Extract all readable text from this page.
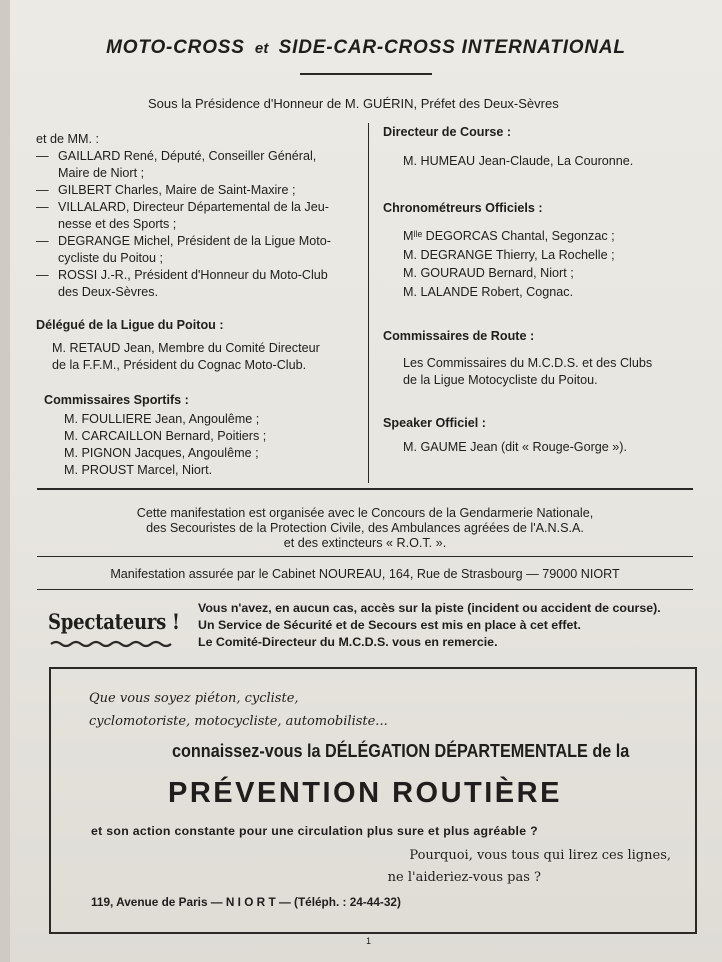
MOTO-CROSS et SIDE-CAR-CROSS INTERNATIONAL
Sous la Présidence d'Honneur de M. GUÉRIN, Préfet des Deux-Sèvres
et de MM. :
— GAILLARD René, Député, Conseiller Général,
Maire de Niort ;
— GILBERT Charles, Maire de Saint-Maxire ;
— VILLALARD, Directeur Départemental de la Jeu-
nesse et des Sports ;
— DEGRANGE Michel, Président de la Ligue Moto-
cycliste du Poitou ;
— ROSSI J.-R., Président d'Honneur du Moto-Club
des Deux-Sèvres.
Délégué de la Ligue du Poitou :
M. RETAUD Jean, Membre du Comité Directeur
de la F.F.M., Président du Cognac Moto-Club.
Commissaires Sportifs :
M. FOULLIERE Jean, Angoulême ;
M. CARCAILLON Bernard, Poitiers ;
M. PIGNON Jacques, Angoulême ;
M. PROUST Marcel, Niort.
Directeur de Course :
M. HUMEAU Jean-Claude, La Couronne.
Chronométreurs Officiels :
Mˡˡᵉ DEGORCAS Chantal, Segonzac ;
M. DEGRANGE Thierry, La Rochelle ;
M. GOURAUD Bernard, Niort ;
M. LALANDE Robert, Cognac.
Commissaires de Route :
Les Commissaires du M.C.D.S. et des Clubs
de la Ligue Motocycliste du Poitou.
Speaker Officiel :
M. GAUME Jean (dit « Rouge-Gorge »).
Cette manifestation est organisée avec le Concours de la Gendarmerie Nationale,
des Secouristes de la Protection Civile, des Ambulances agréées de l'A.N.S.A.
et des extincteurs « R.O.T. ».
Manifestation assurée par le Cabinet NOUREAU, 164, Rue de Strasbourg — 79000 NIORT
Spectateurs !
Vous n'avez, en aucun cas, accès sur la piste (incident ou accident de course).
Un Service de Sécurité et de Secours est mis en place à cet effet.
Le Comité-Directeur du M.C.D.S. vous en remercie.
Que vous soyez piéton, cycliste,
cyclomotoriste, motocycliste, automobiliste...
connaissez-vous la DÉLÉGATION DÉPARTEMENTALE de la
PRÉVENTION ROUTIÈRE
et son action constante pour une circulation plus sure et plus agréable ?
Pourquoi, vous tous qui lirez ces lignes,
ne l'aideriez-vous pas ?
119, Avenue de Paris — N I O R T — (Téléph. : 24-44-32)
1
